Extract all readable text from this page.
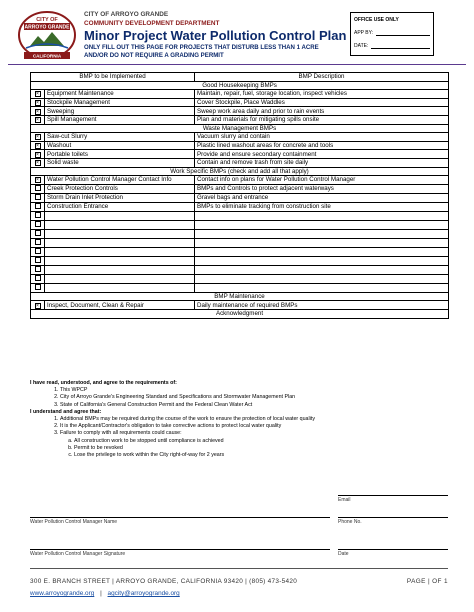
CITY OF
ARROYO GRANDE
CALIFORNIA
CITY OF ARROYO GRANDE
COMMUNITY DEVELOPMENT DEPARTMENT
Minor Project Water Pollution Control Plan
ONLY FILL OUT THIS PAGE FOR PROJECTS THAT DISTURB LESS THAN 1 ACRE
AND/OR DO NOT REQUIRE A GRADING PERMIT
OFFICE USE ONLY
APP BY:
DATE:
BMP to be Implemented		BMP Description
Good Housekeeping BMPs		
×	Equipment Maintenance	Maintain, repair, fuel, storage location, inspect vehicles
×	Stockpile Management	Cover Stockpile, Place Waddles
×	Sweeping	Sweep work area daily and prior to rain events
×	Spill Management	Plan and materials for mitigating spills onsite
Waste Management BMPs		
×	Saw-cut Slurry	Vacuum slurry and contain
×	Washout	Plastic lined washout areas for concrete and tools
×	Portable toilets	Provide and ensure secondary containment
×	Solid waste	Contain and remove trash from site daily
Work Specific BMPs (check and add all that apply)		
×	Water Pollution Control Manager Contact Info	Contact info on plans for Water Pollution Control Manager
	Creek Protection Controls	BMPs and Controls to protect adjacent waterways
	Storm Drain Inlet Protection	Gravel bags and entrance
	Construction Entrance	BMPs to eliminate tracking from construction site

BMP Maintenance		
×	Inspect, Document, Clean & Repair	Daily maintenance of required BMPs
Acknowledgment		
I have read, understood, and agree to the requirements of:
1. This WPCP
2. City of Arroyo Grande's Engineering Standard and Specifications and Stormwater Management Plan
3. State of California's General Construction Permit and the Federal Clean Water Act
I understand and agree that:
1. Additional BMPs may be required during the course of the work to ensure the protection of local water quality
2. It is the Applicant/Contractor's obligation to take corrective actions to protect local water quality
3. Failure to comply with all requirements could cause:
a. All construction work to be stopped until compliance is achieved
b. Permit to be revoked
c. Lose the privilege to work within the City right-of-way for 2 years
Email
Water Pollution Control Manager Name	Phone No.
Water Pollution Control Manager Signature	Date
300 E. BRANCH STREET | ARROYO GRANDE, CALIFORNIA 93420 | (805) 473-5420
www.arroyogrande.org | agcity@arroyogrande.org
PAGE | OF 1
